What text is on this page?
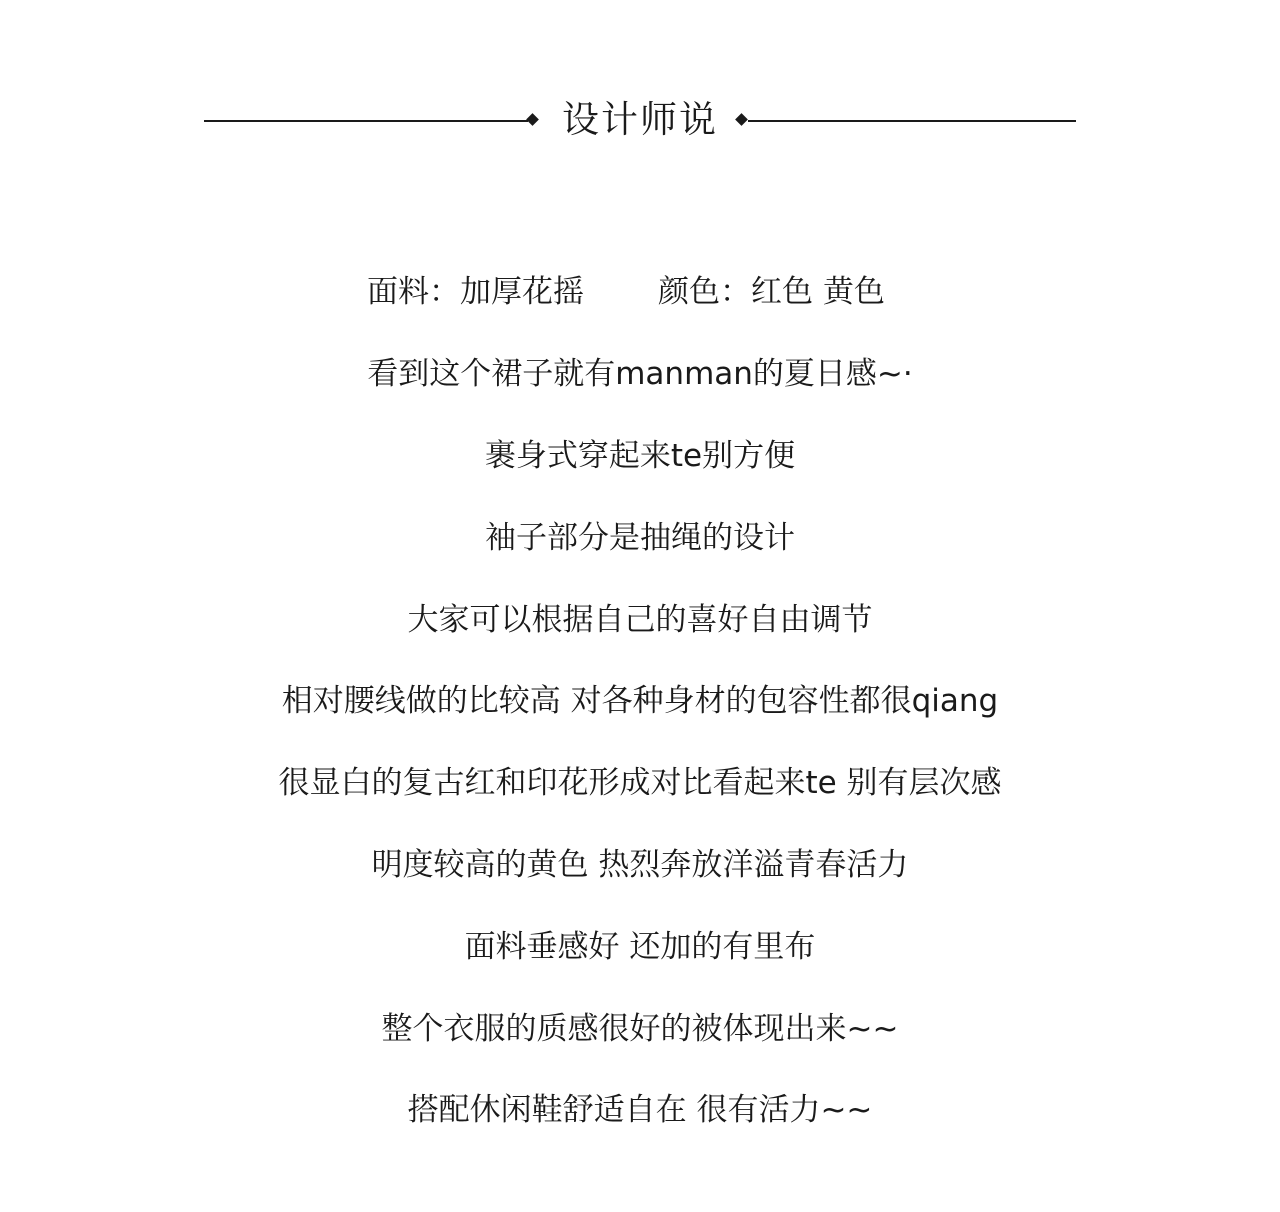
设计师说
面料：加厚花摇 颜色：红色 黄色
看到这个裙子就有manman的夏日感~·
裹身式穿起来te别方便
袖子部分是抽绳的设计
大家可以根据自己的喜好自由调节
相对腰线做的比较高 对各种身材的包容性都很qiang
很显白的复古红和印花形成对比看起来te 别有层次感
明度较高的黄色 热烈奔放洋溢青春活力
面料垂感好 还加的有里布
整个衣服的质感很好的被体现出来~~
搭配休闲鞋舒适自在 很有活力~~
